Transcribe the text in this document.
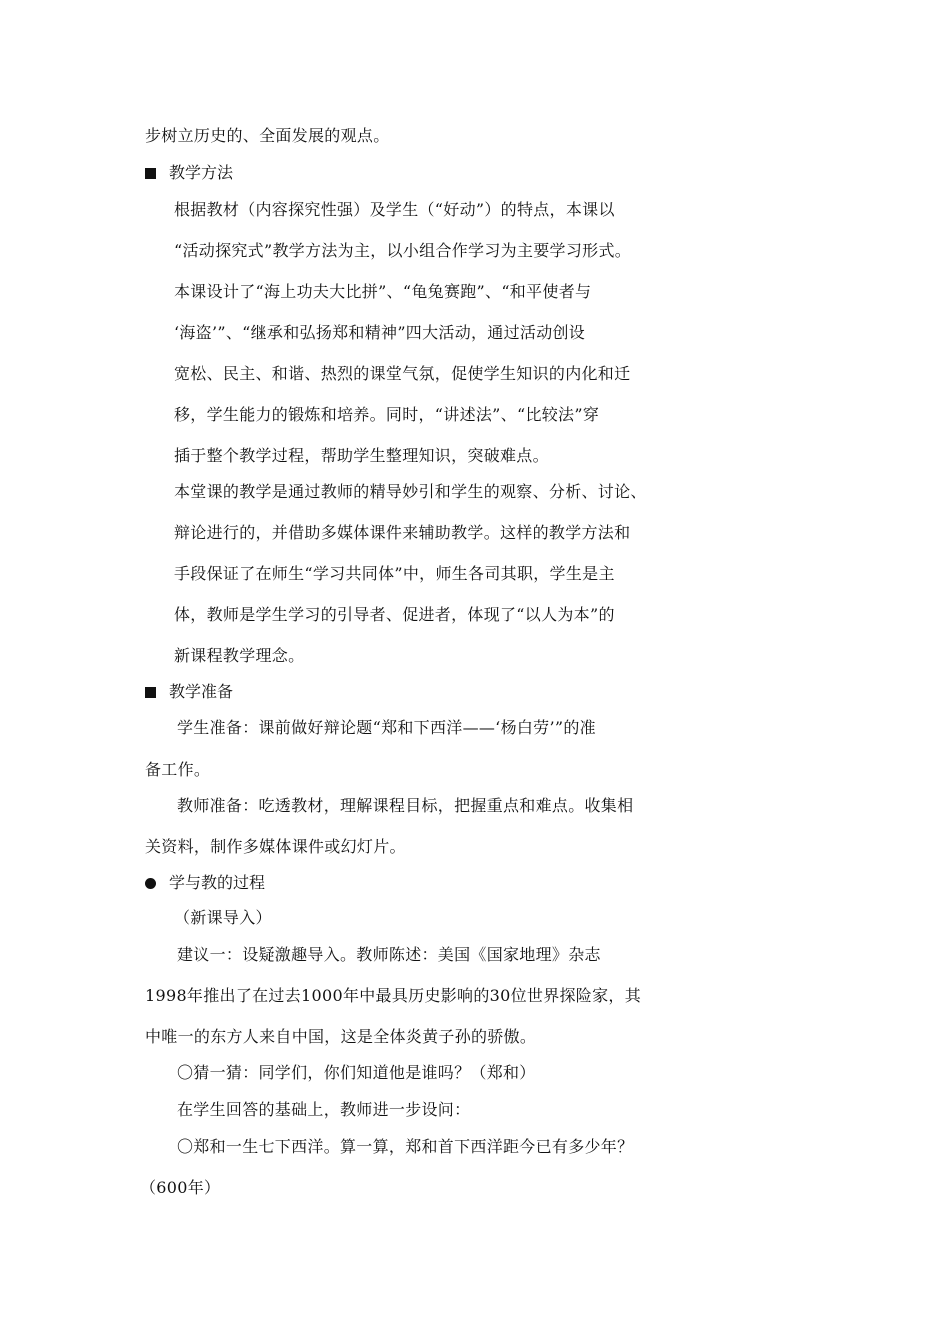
步树立历史的、全面发展的观点。
教学方法
根据教材（内容探究性强）及学生（“好动”）的特点，本课以
“活动探究式”教学方法为主，以小组合作学习为主要学习形式。
本课设计了“海上功夫大比拼”、“龟兔赛跑”、“和平使者与
‘海盗’”、“继承和弘扬郑和精神”四大活动，通过活动创设
宽松、民主、和谐、热烈的课堂气氛，促使学生知识的内化和迁
移，学生能力的锻炼和培养。同时，“讲述法”、“比较法”穿
插于整个教学过程，帮助学生整理知识，突破难点。
本堂课的教学是通过教师的精导妙引和学生的观察、分析、讨论、
辩论进行的，并借助多媒体课件来辅助教学。这样的教学方法和
手段保证了在师生“学习共同体”中，师生各司其职，学生是主
体，教师是学生学习的引导者、促进者，体现了“以人为本”的
新课程教学理念。
教学准备
学生准备：课前做好辩论题“郑和下西洋——‘杨白劳’”的准
备工作。
教师准备：吃透教材，理解课程目标，把握重点和难点。收集相
关资料，制作多媒体课件或幻灯片。
学与教的过程
（新课导入）
建议一：设疑激趣导入。教师陈述：美国《国家地理》杂志
1998年推出了在过去1000年中最具历史影响的30位世界探险家，其
中唯一的东方人来自中国，这是全体炎黄子孙的骄傲。
〇猜一猜：同学们，你们知道他是谁吗？（郑和）
在学生回答的基础上，教师进一步设问：
〇郑和一生七下西洋。算一算，郑和首下西洋距今已有多少年？
（600年）
